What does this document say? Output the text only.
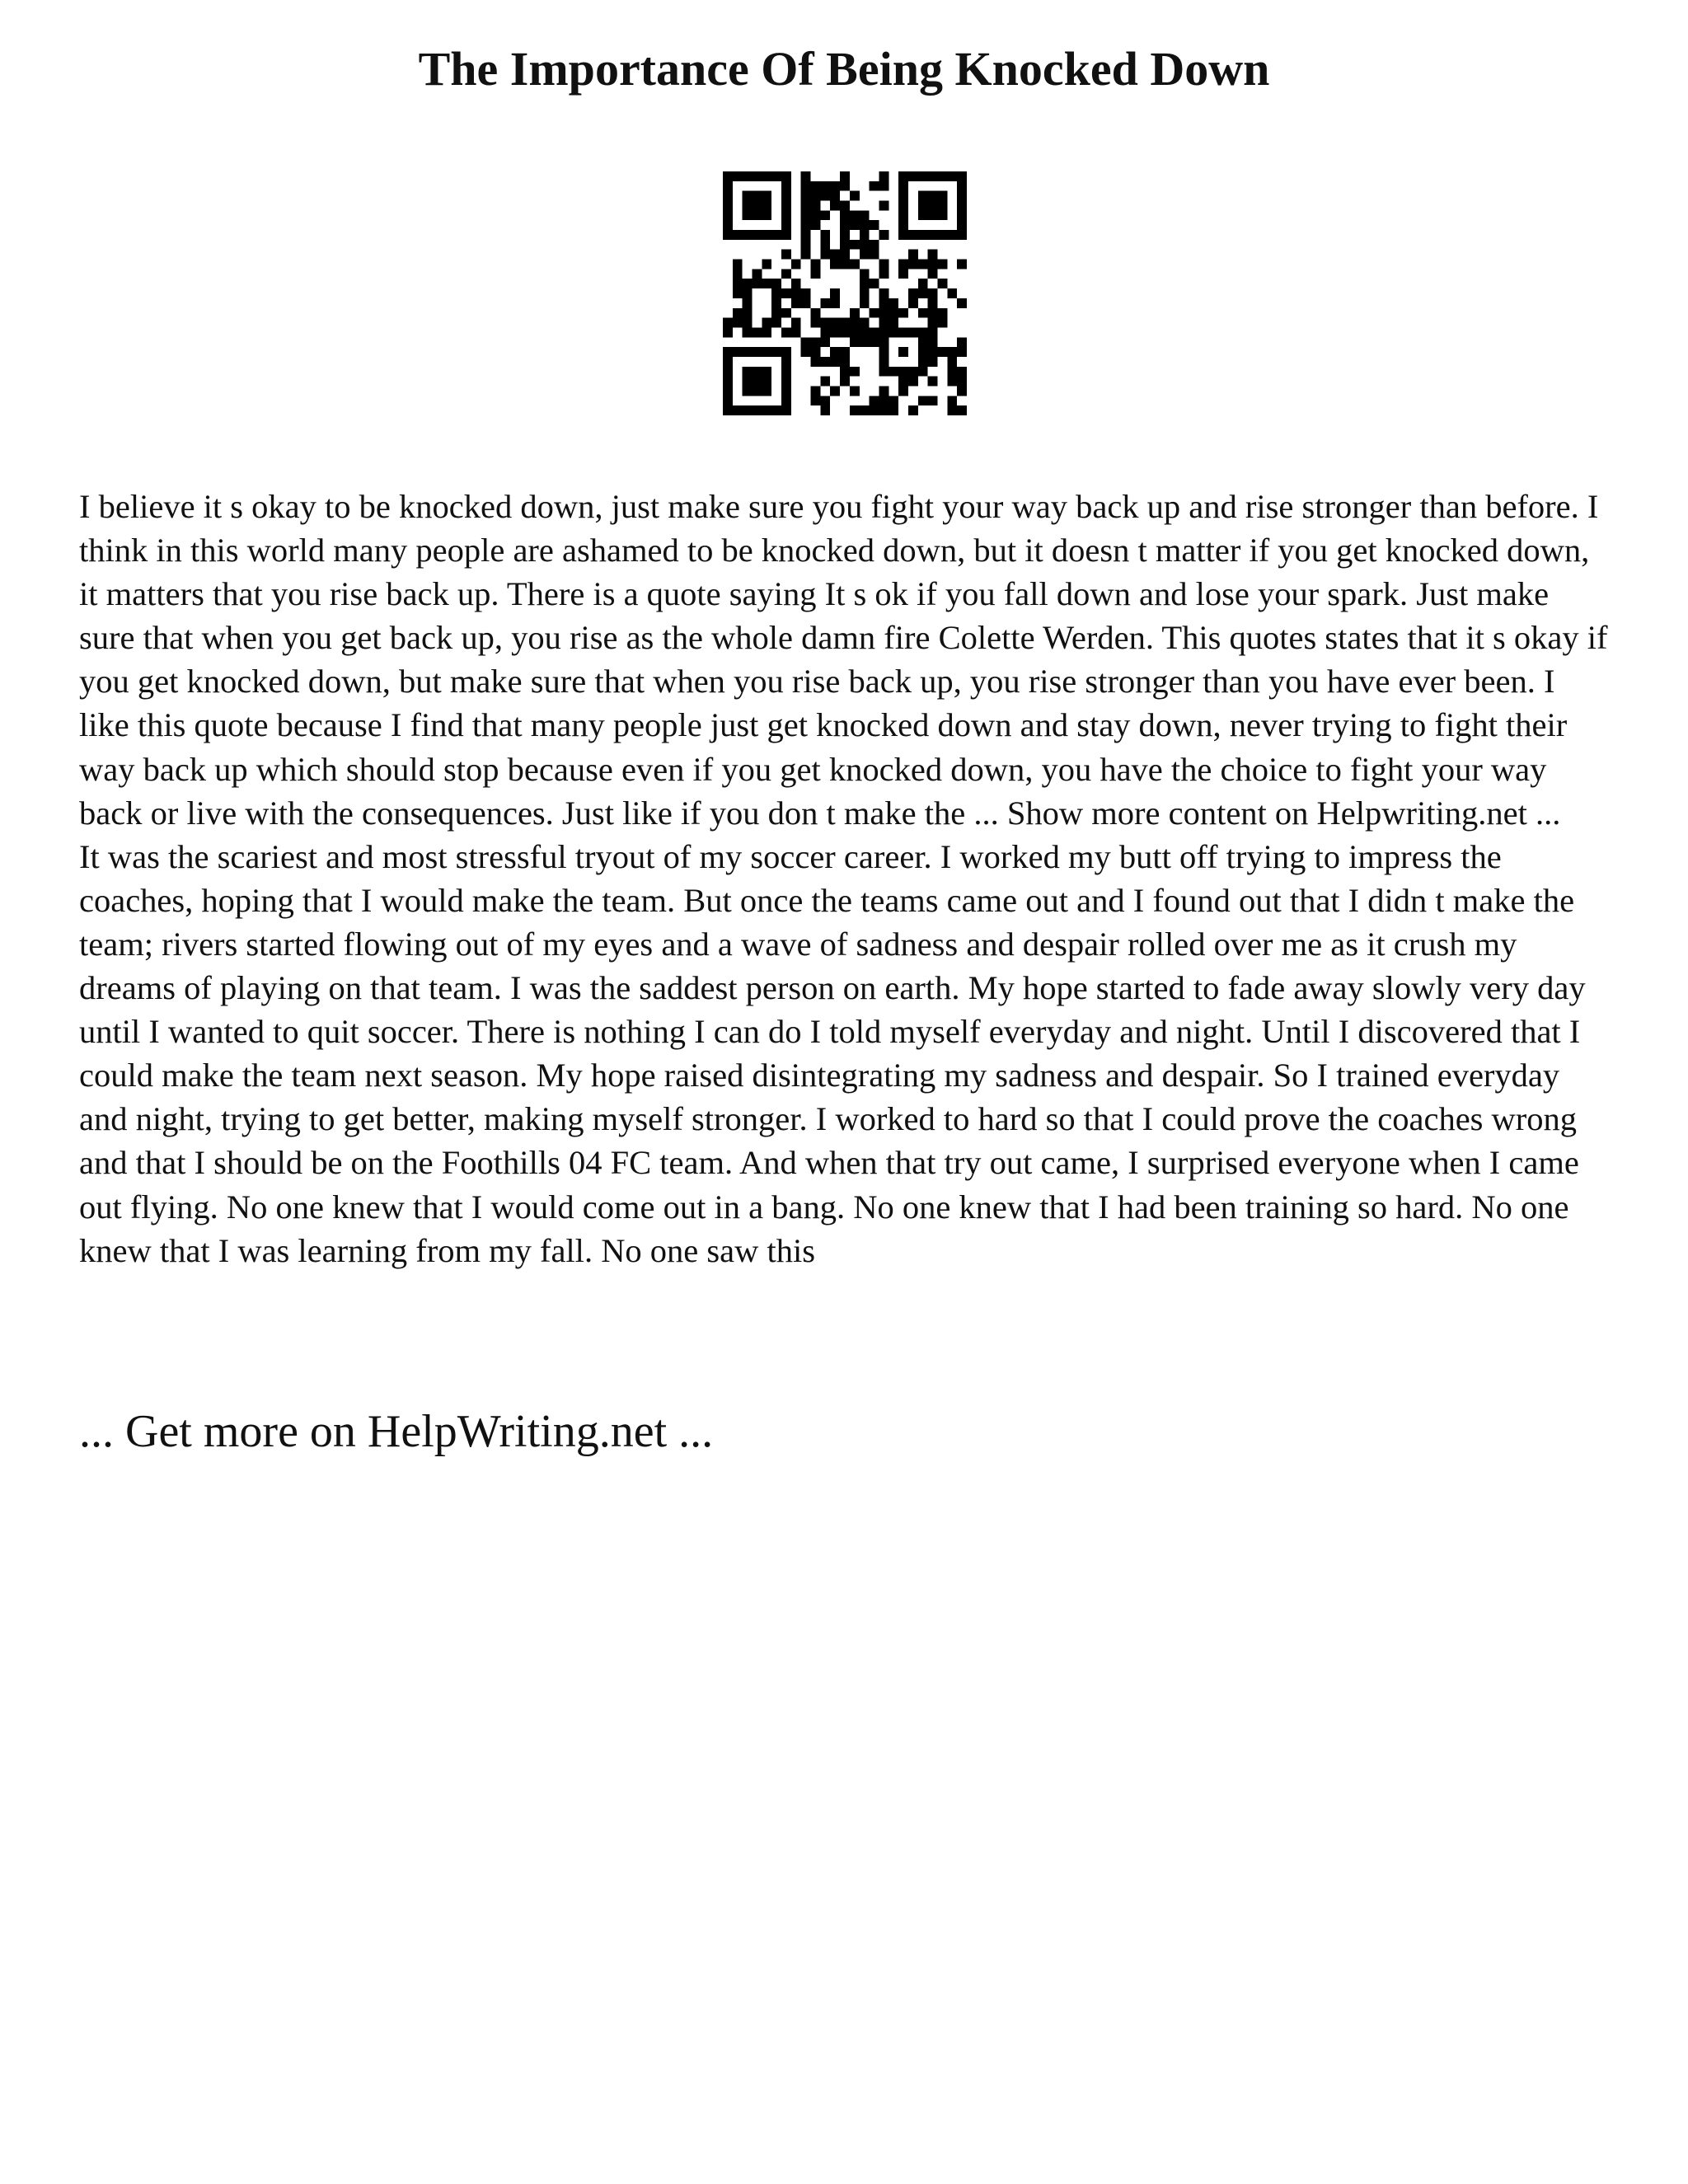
The Importance Of Being Knocked Down

I believe it s okay to be knocked down, just make sure you fight your way back up and rise stronger than before. I think in this world many people are ashamed to be knocked down, but it doesn t matter if you get knocked down, it matters that you rise back up. There is a quote saying It s ok if you fall down and lose your spark. Just make sure that when you get back up, you rise as the whole damn fire Colette Werden. This quotes states that it s okay if you get knocked down, but make sure that when you rise back up, you rise stronger than you have ever been. I like this quote because I find that many people just get knocked down and stay down, never trying to fight their way back up which should stop because even if you get knocked down, you have the choice to fight your way back or live with the consequences. Just like if you don t make the ... Show more content on Helpwriting.net ...

It was the scariest and most stressful tryout of my soccer career. I worked my butt off trying to impress the coaches, hoping that I would make the team. But once the teams came out and I found out that I didn t make the team; rivers started flowing out of my eyes and a wave of sadness and despair rolled over me as it crush my dreams of playing on that team. I was the saddest person on earth. My hope started to fade away slowly very day until I wanted to quit soccer. There is nothing I can do I told myself everyday and night. Until I discovered that I could make the team next season. My hope raised disintegrating my sadness and despair. So I trained everyday and night, trying to get better, making myself stronger. I worked to hard so that I could prove the coaches wrong and that I should be on the Foothills 04 FC team. And when that try out came, I surprised everyone when I came out flying. No one knew that I would come out in a bang. No one knew that I had been training so hard. No one knew that I was learning from my fall. No one saw this

... Get more on HelpWriting.net ...
